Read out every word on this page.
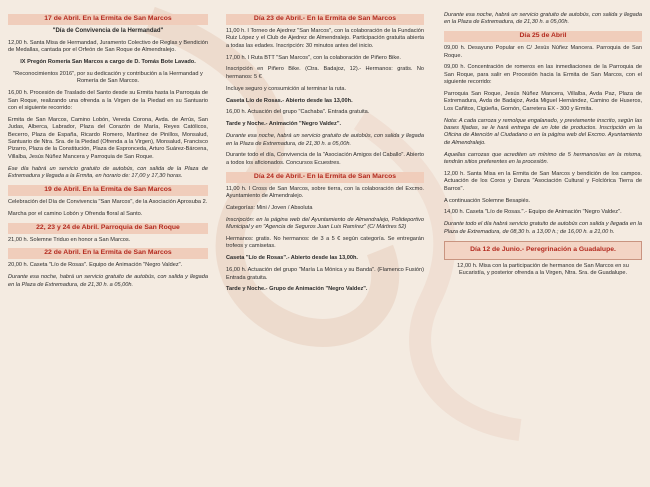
17 de Abril. En la Ermita de San Marcos
"Día de Convivencia de la Hermandad"

12,00 h. Santa Misa de Hermandad, Juramento Colectivo de Reglas y Bendición de Medallas, cantada por el Orfeón de San Roque de Almendralejo.

IX Pregón Romería San Marcos a cargo de D. Tomás Bote Lavado.

"Reconocimientos 2016", por su dedicación y contribución a la Hermandad y Romería de San Marcos.

16,00 h. Procesión de Traslado del Santo desde su Ermita hasta la Parroquia de San Roque, realizando una ofrenda a la Virgen de la Piedad en su Santuario con el siguiente recorrido:

Ermita de San Marcos, Camino Lobón, Vereda Corona, Avda. de Arrús, San Judas, Alberca, Labrador, Plaza del Corazón de María, Reyes Católicos, Becerro, Plaza de España, Ricardo Romero, Martínez de Pinillos, Monsalud, Santuario de Ntra. Sra. de la Piedad (Ofrenda a la Virgen), Monsalud, Francisco Pizarro, Plaza de la Constitución, Plaza de Espronceda, Arturo Suárez-Bárcena, Villalba, Jesús Núñez Mancera y Parroquia de San Roque.

Ese día habrá un servicio gratuito de autobús, con salida de la Plaza de Extremadura y llegada a la Ermita, en horario de: 17,00 y 17,30 horas.

19 de Abril. En la Ermita de San Marcos

Celebración del Día de Convivencia "San Marcos", de la Asociación Aprosuba 2.

Marcha por el camino Lobón y Ofrenda floral al Santo.

22, 23 y 24 de Abril. Parroquia de San Roque

21,00 h. Solemne Triduo en honor a San Marcos.

22 de Abril. En la Ermita de San Marcos

20,00 h. Caseta "Lío de Rosas". Equipo de Animación "Negro Valdez".

Durante esa noche, habrá un servicio gratuito de autobús, con salida y llegada en la Plaza de Extremadura, de 21,30 h. a 05,00h.

Día 23 de Abril.- En la Ermita de San Marcos

11,00 h. I Torneo de Ajedrez "San Marcos", con la colaboración de la Fundación Ruiz López y el Club de Ajedrez de Almendralejo. Participación gratuita abierta a todas las edades. Inscripción: 30 minutos antes del inicio.

17,00 h. I Ruta BTT "San Marcos", con la colaboración de Piñero Bike.

Inscripción en Piñero Bike. (Ctra. Badajoz, 12).- Hermanos: gratis. No hermanos: 5 €

Incluye seguro y consumición al terminar la ruta.

Caseta Lío de Rosas.- Abierto desde las 13,00h.

16,00 h. Actuación del grupo "Cachaba". Entrada gratuita.

Tarde y Noche.- Animación "Negro Valdez".

Durante esa noche, habrá un servicio gratuito de autobús, con salida y llegada en la Plaza de Extremadura, de 21,30 h. a 05,00h.

Durante todo el día, Convivencia de la "Asociación Amigos del Caballo". Abierto a todos los aficionados. Concursos Ecuestres.

Día 24 de Abril.- En la Ermita de San Marcos

11,00 h. I Cross de San Marcos, sobre tierra, con la colaboración del Excmo. Ayuntamiento de Almendralejo.

Categorías: Mini / Joven / Absoluta

Inscripción: en la página web del Ayuntamiento de Almendralejo, Polideportivo Municipal y en "Agencia de Seguros Juan Luis Ramírez" (C/ Mártires 52)

Hermanos: gratis. No hermanos: de 3 a 5 € según categoría. Se entregarán trofeos y camisetas.

Caseta "Lío de Rosas".- Abierto desde las 13,00h.

16,00 h. Actuación del grupo "María La Mónica y su Banda". (Flamenco Fusión) Entrada gratuita.

Tarde y Noche.- Grupo de Animación "Negro Valdez".

Durante esa noche, habrá un servicio gratuito de autobús, con salida y llegada en la Plaza de Extremadura, de 21,30 h. a 05,00h.

Día 25 de Abril

09,00 h. Desayuno Popular en C/ Jesús Núñez Mancera. Parroquia de San Roque.

09,00 h. Concentración de romeros en las inmediaciones de la Parroquia de San Roque, para salir en Procesión hacia la Ermita de San Marcos, con el siguiente recorrido:

Parroquia San Roque, Jesús Núñez Mancera, Villalba, Avda Paz, Plaza de Extremadura, Avda de Badajoz, Avda Miguel Hernández, Camino de Huseros, Los Cañitos, Cigüeña, Gornón, Carretera EX - 300 y Ermita.

Nota: A cada carroza y remolque engalanado, y previamente inscrito, según las bases fijadas, se le hará entrega de un lote de productos. Inscripción en la Oficina de Atención al Ciudadano o en la página web del Excmo. Ayuntamiento de Almendralejo.

Aquellas carrozas que acrediten un mínimo de 5 hermanos/as en la misma, tendrán sitios preferentes en la procesión.

12,00 h. Santa Misa en la Ermita de San Marcos y bendición de los campos. Actuación de los Coros y Danza "Asociación Cultural y Folclórica Tierra de Barros".

A continuación Solemne Besapiés.

14,00 h. Caseta "Lío de Rosas.".- Equipo de Animación "Negro Valdez".

Durante todo el día habrá servicio gratuito de autobús con salida y llegada en la Plaza de Extremadura, de 08,30 h. a 13,00 h.; de 16,00 h. a 21,00 h.

Día 12 de Junio.- Peregrinación a Guadalupe.

12,00 h. Misa con la participación de hermanos de San Marcos en su Eucaristía, y posterior ofrenda a la Virgen, Ntra. Sra. de Guadalupe.
